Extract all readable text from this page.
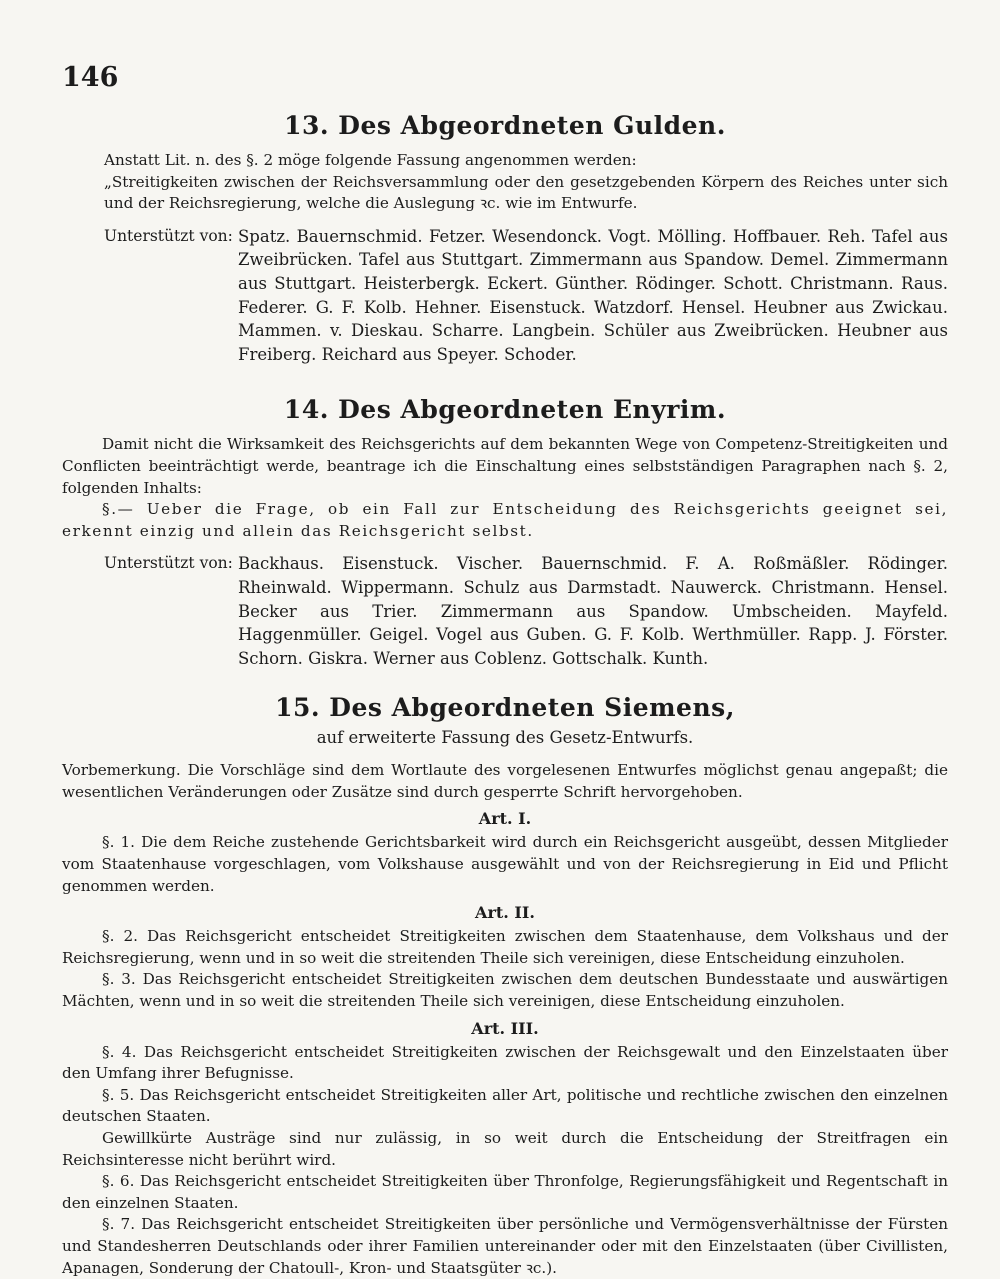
146
13. Des Abgeordneten Gulden.

Anstatt Lit. n. des §. 2 möge folgende Fassung angenommen werden:

„Streitigkeiten zwischen der Reichsversammlung oder den gesetzgebenden Körpern des Reiches unter sich und der Reichsregierung, welche die Auslegung ꝛc. wie im Entwurfe.

Unterstützt von: Spatz. Bauernschmid. Fetzer. Wesendonck. Vogt. Mölling. Hoffbauer. Reh. Tafel aus Zweibrücken. Tafel aus Stuttgart. Zimmermann aus Spandow. Demel. Zimmermann aus Stuttgart. Heisterbergk. Eckert. Günther. Rödinger. Schott. Christmann. Raus. Federer. G. F. Kolb. Hehner. Eisenstuck. Watzdorf. Hensel. Heubner aus Zwickau. Mammen. v. Dieskau. Scharre. Langbein. Schüler aus Zweibrücken. Heubner aus Freiberg. Reichard aus Speyer. Schoder.
14. Des Abgeordneten Enyrim.

Damit nicht die Wirksamkeit des Reichsgerichts auf dem bekannten Wege von Competenz-Streitigkeiten und Conflicten beeinträchtigt werde, beantrage ich die Einschaltung eines selbstständigen Paragraphen nach §. 2, folgenden Inhalts:

§.— Ueber die Frage, ob ein Fall zur Entscheidung des Reichsgerichts geeignet sei, erkennt einzig und allein das Reichsgericht selbst.

Unterstützt von: Backhaus. Eisenstuck. Vischer. Bauernschmid. F. A. Roßmäßler. Rödinger. Rheinwald. Wippermann. Schulz aus Darmstadt. Nauwerck. Christmann. Hensel. Becker aus Trier. Zimmermann aus Spandow. Umbscheiden. Mayfeld. Haggenmüller. Geigel. Vogel aus Guben. G. F. Kolb. Werthmüller. Rapp. J. Förster. Schorn. Giskra. Werner aus Coblenz. Gottschalk. Kunth.
15. Des Abgeordneten Siemens,

auf erweiterte Fassung des Gesetz-Entwurfs.

Vorbemerkung. Die Vorschläge sind dem Wortlaute des vorgelesenen Entwurfes möglichst genau angepaßt; die wesentlichen Veränderungen oder Zusätze sind durch gesperrte Schrift hervorgehoben.

Art. I.

§. 1. Die dem Reiche zustehende Gerichtsbarkeit wird durch ein Reichsgericht ausgeübt, dessen Mitglieder vom Staatenhause vorgeschlagen, vom Volkshause ausgewählt und von der Reichsregierung in Eid und Pflicht genommen werden.

Art. II.

§. 2. Das Reichsgericht entscheidet Streitigkeiten zwischen dem Staatenhause, dem Volkshaus und der Reichsregierung, wenn und in so weit die streitenden Theile sich vereinigen, diese Entscheidung einzuholen.

§. 3. Das Reichsgericht entscheidet Streitigkeiten zwischen dem deutschen Bundesstaate und auswärtigen Mächten, wenn und in so weit die streitenden Theile sich vereinigen, diese Entscheidung einzuholen.

Art. III.

§. 4. Das Reichsgericht entscheidet Streitigkeiten zwischen der Reichsgewalt und den Einzelstaaten über den Umfang ihrer Befugnisse.

§. 5. Das Reichsgericht entscheidet Streitigkeiten aller Art, politische und rechtliche zwischen den einzelnen deutschen Staaten.

Gewillkürte Austräge sind nur zulässig, in so weit durch die Entscheidung der Streitfragen ein Reichsinteresse nicht berührt wird.

§. 6. Das Reichsgericht entscheidet Streitigkeiten über Thronfolge, Regierungsfähigkeit und Regentschaft in den einzelnen Staaten.

§. 7. Das Reichsgericht entscheidet Streitigkeiten über persönliche und Vermögensverhältnisse der Fürsten und Standesherren Deutschlands oder ihrer Familien untereinander oder mit den Einzelstaaten (über Civillisten, Apanagen, Sonderung der Chatoull-, Kron- und Staatsgüter ꝛc.).
